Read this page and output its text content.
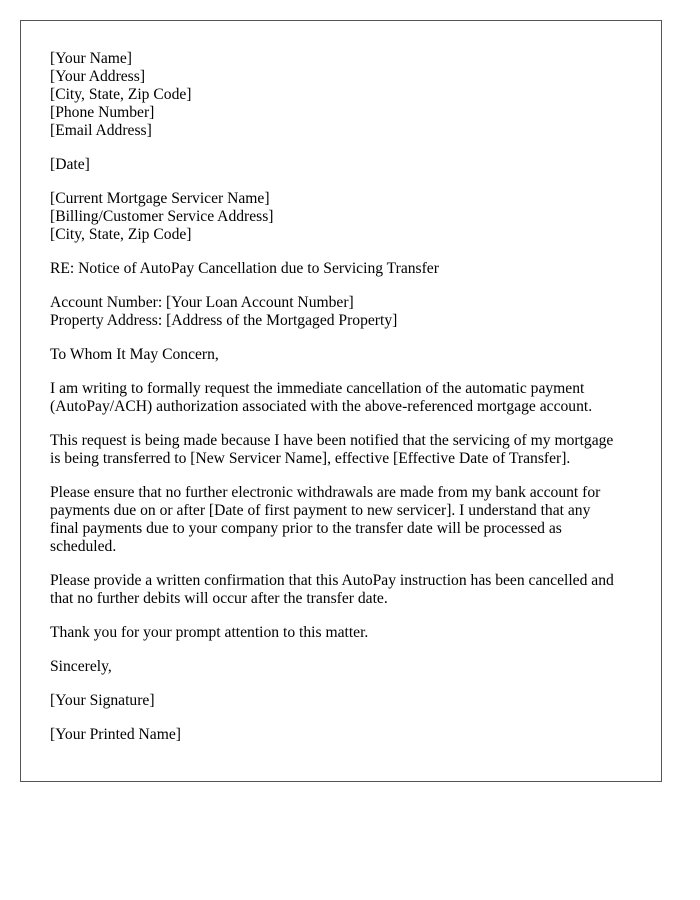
[Your Name]
[Your Address]
[City, State, Zip Code]
[Phone Number]
[Email Address]
[Date]
[Current Mortgage Servicer Name]
[Billing/Customer Service Address]
[City, State, Zip Code]
RE: Notice of AutoPay Cancellation due to Servicing Transfer
Account Number: [Your Loan Account Number]
Property Address: [Address of the Mortgaged Property]
To Whom It May Concern,
I am writing to formally request the immediate cancellation of the automatic payment
(AutoPay/ACH) authorization associated with the above-referenced mortgage account.
This request is being made because I have been notified that the servicing of my mortgage
is being transferred to [New Servicer Name], effective [Effective Date of Transfer].
Please ensure that no further electronic withdrawals are made from my bank account for
payments due on or after [Date of first payment to new servicer]. I understand that any
final payments due to your company prior to the transfer date will be processed as
scheduled.
Please provide a written confirmation that this AutoPay instruction has been cancelled and
that no further debits will occur after the transfer date.
Thank you for your prompt attention to this matter.
Sincerely,
[Your Signature]
[Your Printed Name]
